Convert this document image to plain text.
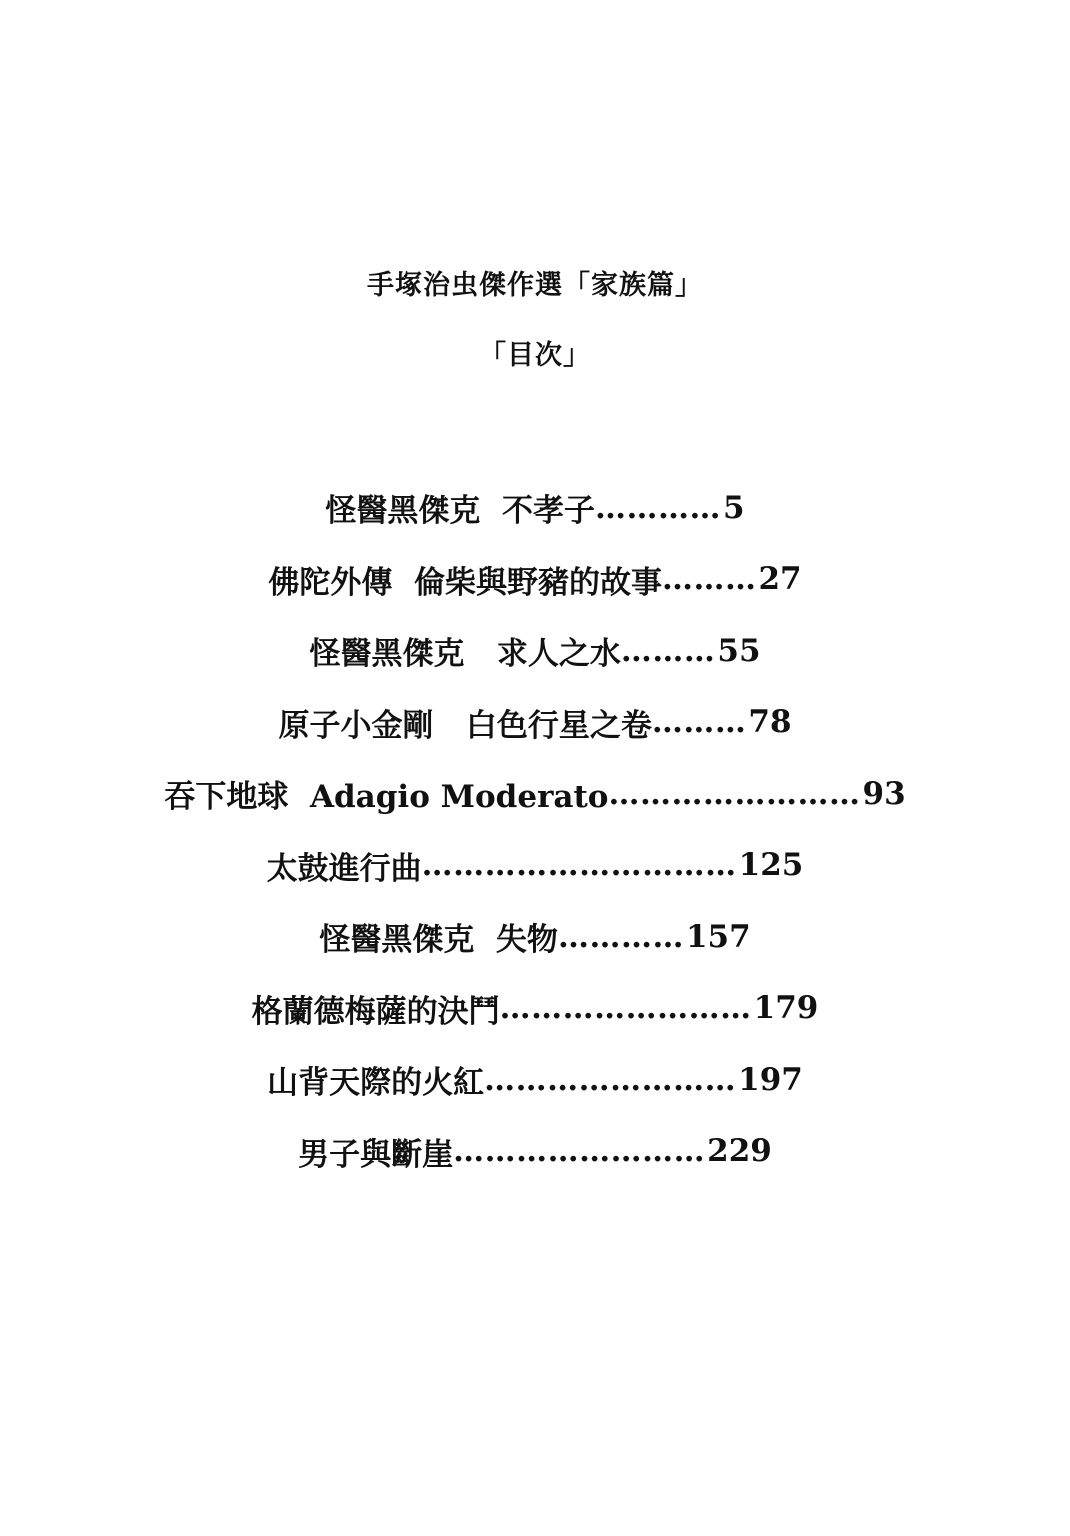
手塚治虫傑作選「家族篇」
「目次」
怪醫黑傑克  不孝子 ………… 5
佛陀外傳  倫柴與野豬的故事 ……… 27
怪醫黑傑克   求人之水 ……… 55
原子小金剛   白色行星之卷 ……… 78
吞下地球  Adagio Moderato …………………… 93
太鼓進行曲 ………………………… 125
怪醫黑傑克  失物 ………… 157
格蘭德梅薩的決鬥 …………………… 179
山背天際的火紅 …………………… 197
男子與斷崖 …………………… 229
